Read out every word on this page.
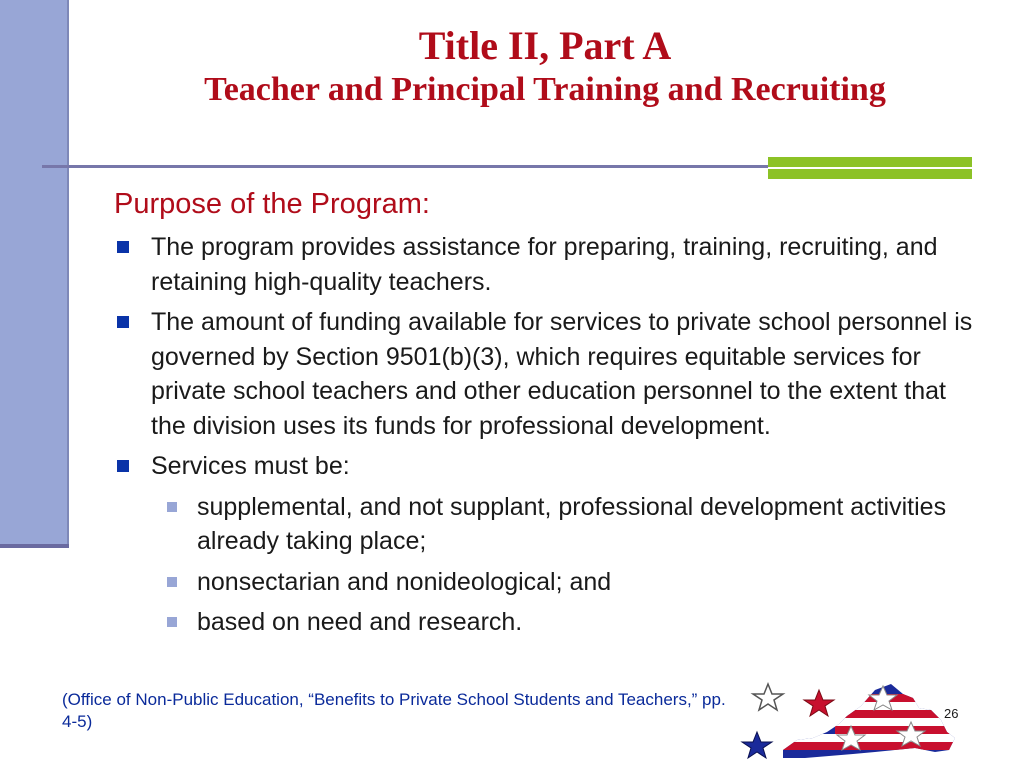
Title II, Part A
Teacher and Principal Training and Recruiting
Purpose of the Program:
The program provides assistance for preparing, training, recruiting, and retaining high-quality teachers.
The amount of funding available for services to private school personnel is governed by Section 9501(b)(3), which requires equitable services for private school teachers and other education personnel to the extent that the division uses its funds for professional development.
Services must be:
supplemental, and not supplant, professional development activities already taking place;
nonsectarian and nonideological; and
based on need and research.
(Office of Non-Public Education, “Benefits to Private School Students and Teachers,” pp. 4-5)	26
